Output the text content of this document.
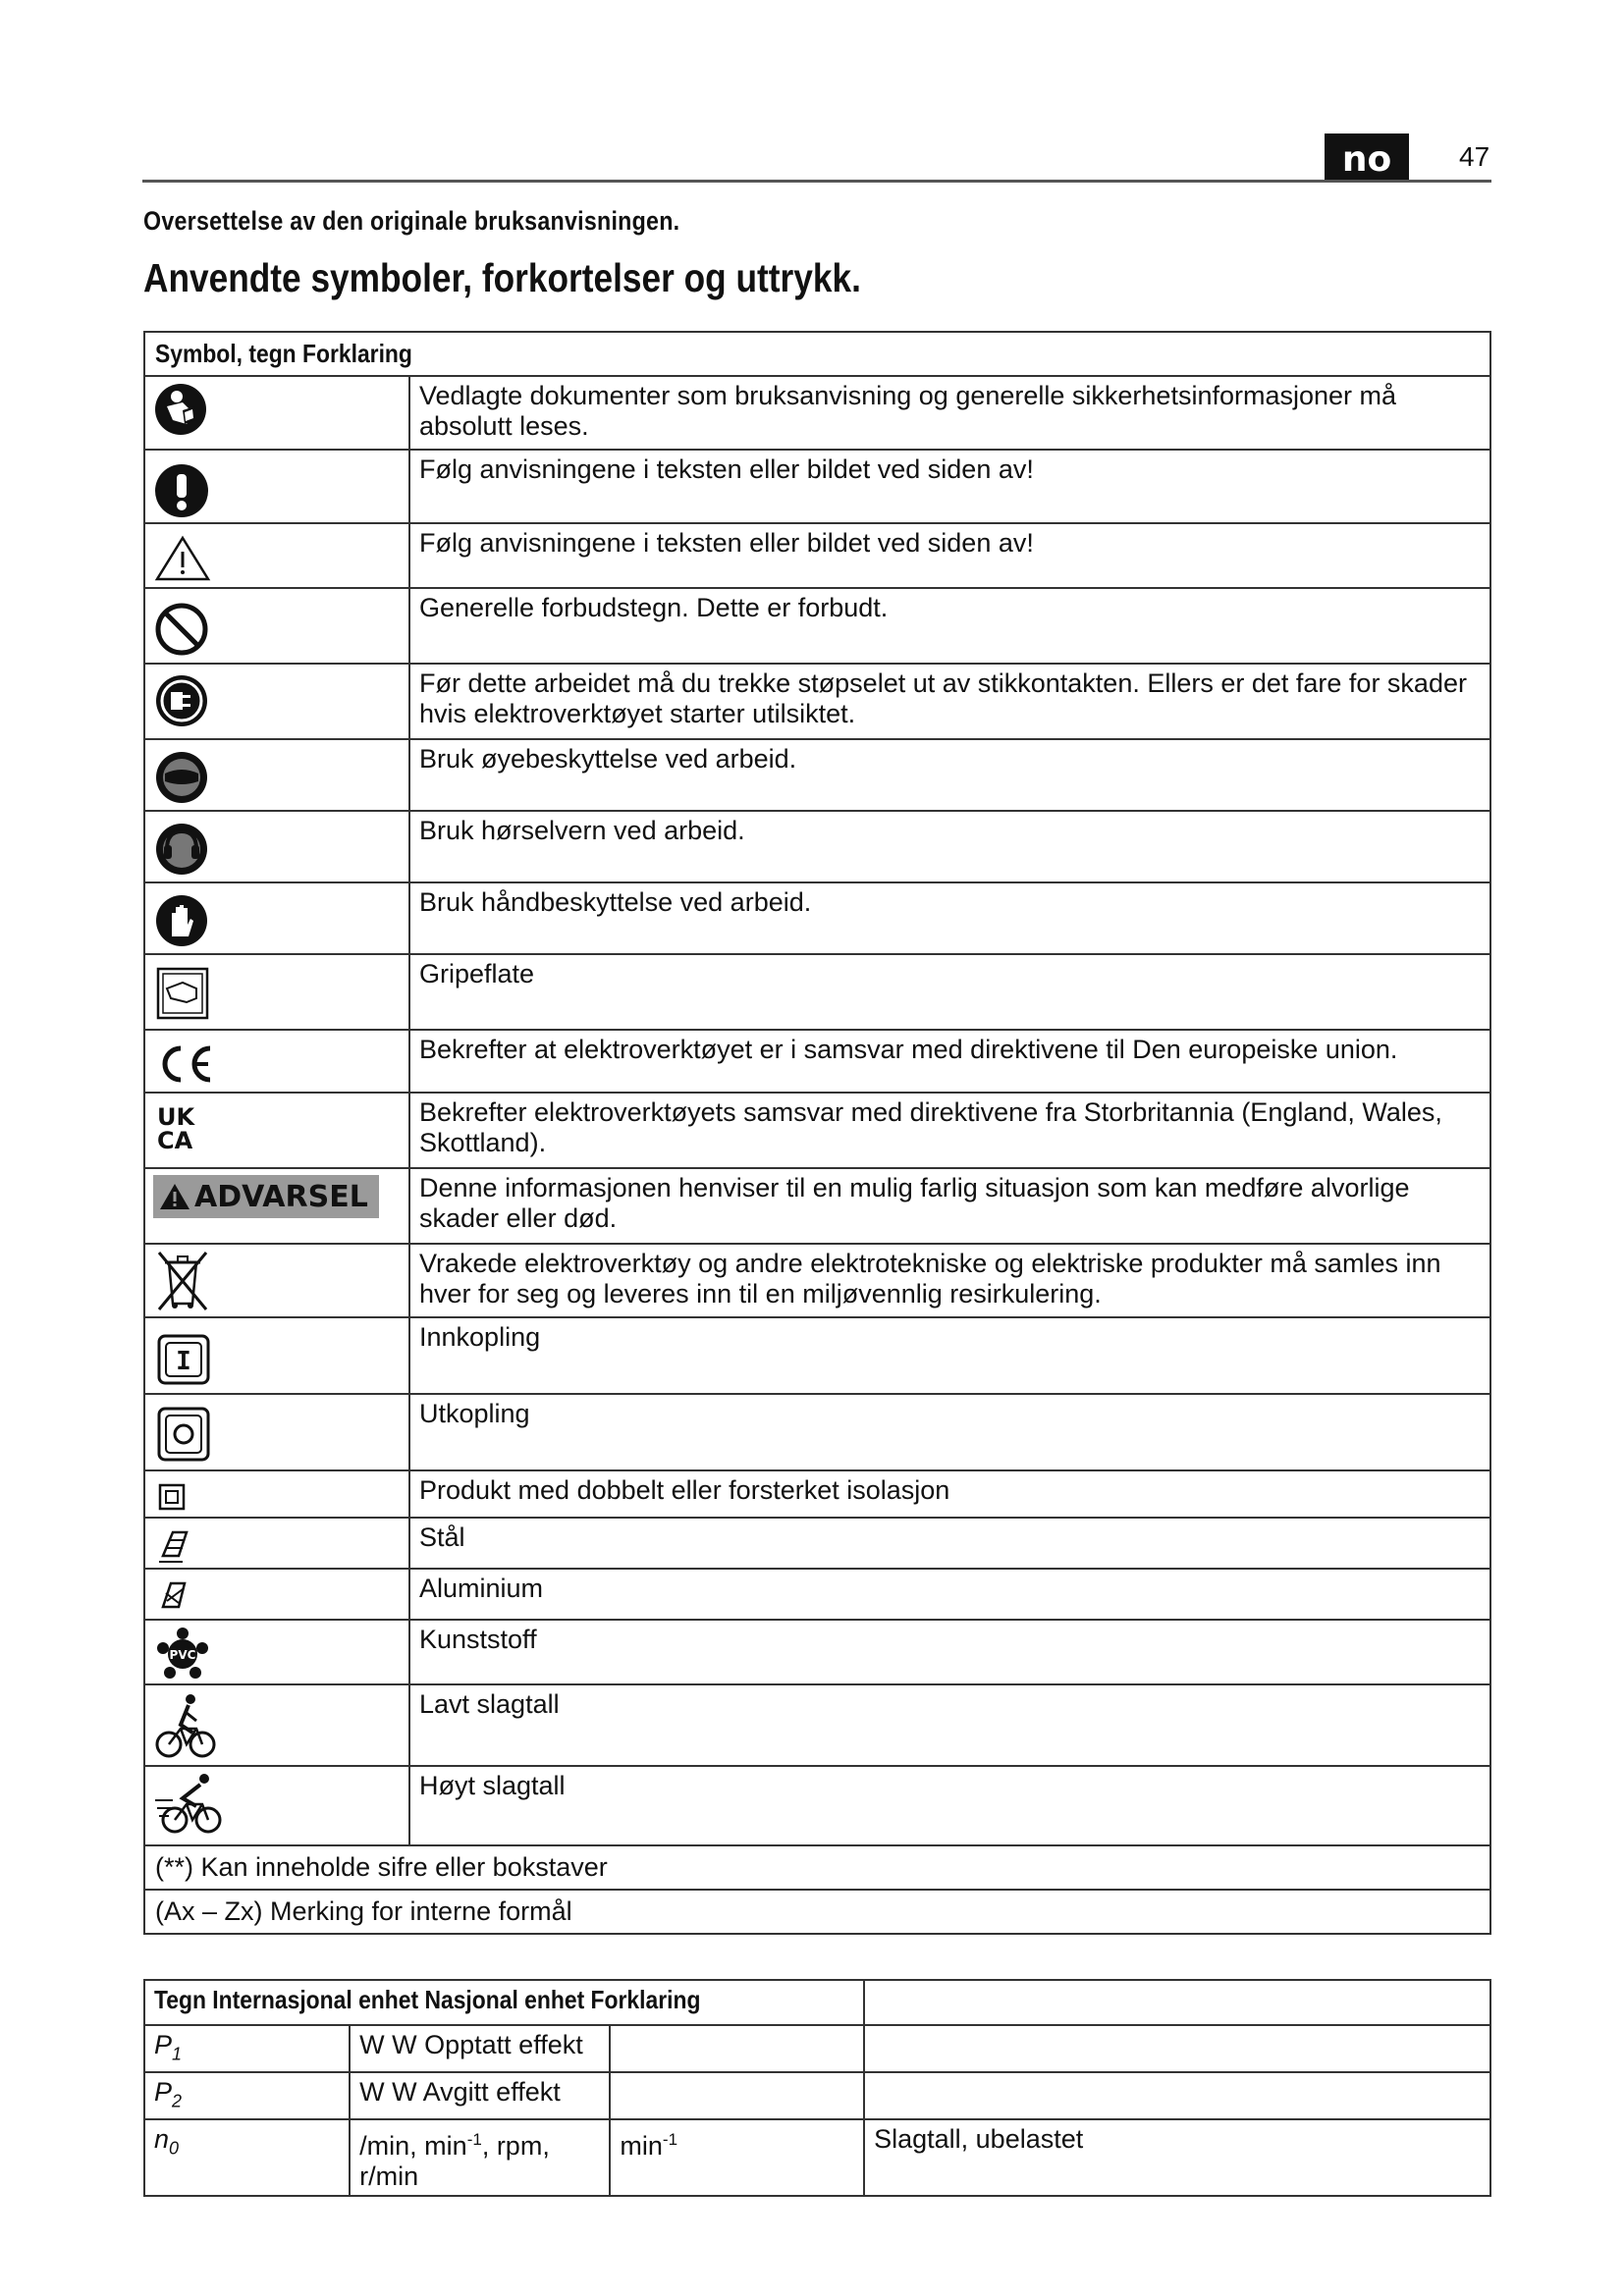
no	47
Oversettelse av den originale bruksanvisningen.
Anvendte symboler, forkortelser og uttrykk.
Symbol, tegn Forklaring	

	Vedlagte dokumenter som bruksanvisning og generelle sikkerhetsinformasjoner må absolutt leses.

	Følg anvisningene i teksten eller bildet ved siden av!

	Følg anvisningene i teksten eller bildet ved siden av!

	Generelle forbudstegn. Dette er forbudt.

	Før dette arbeidet må du trekke støpselet ut av stikkontakten. Ellers er det fare for skader hvis elektroverktøyet starter utilsiktet.

	Bruk øyebeskyttelse ved arbeid.

	Bruk hørselvern ved arbeid.

	Bruk håndbeskyttelse ved arbeid.

	Gripeflate

	Bekrefter at elektroverktøyet er i samsvar med direktivene til Den europeiske union.

UK
CA	Bekrefter elektroverktøyets samsvar med direktivene fra Storbritannia (England, Wales, Skottland).

ADVARSEL	Denne informasjonen henviser til en mulig farlig situasjon som kan medføre alvorlige skader eller død.

	Vrakede elektroverktøy og andre elektrotekniske og elektriske produkter må samles inn hver for seg og leveres inn til en miljøvennlig resirkulering.

I	Innkopling

	Utkopling

	Produkt med dobbelt eller forsterket isolasjon

	Stål

	Aluminium

PVC	Kunststoff

	Lavt slagtall

	Høyt slagtall
(**) Kan inneholde sifre eller bokstaver	
(Ax – Zx) Merking for interne formål	
Tegn Internasjonal enhet Nasjonal enhet Forklaring			
$P_1$	W W Opptatt effekt		
$P_2$	W W Avgitt effekt		
$n_0$	/min, $\min^{-1}$, rpm, r/min	$\min^{-1}$	Slagtall, ubelastet
